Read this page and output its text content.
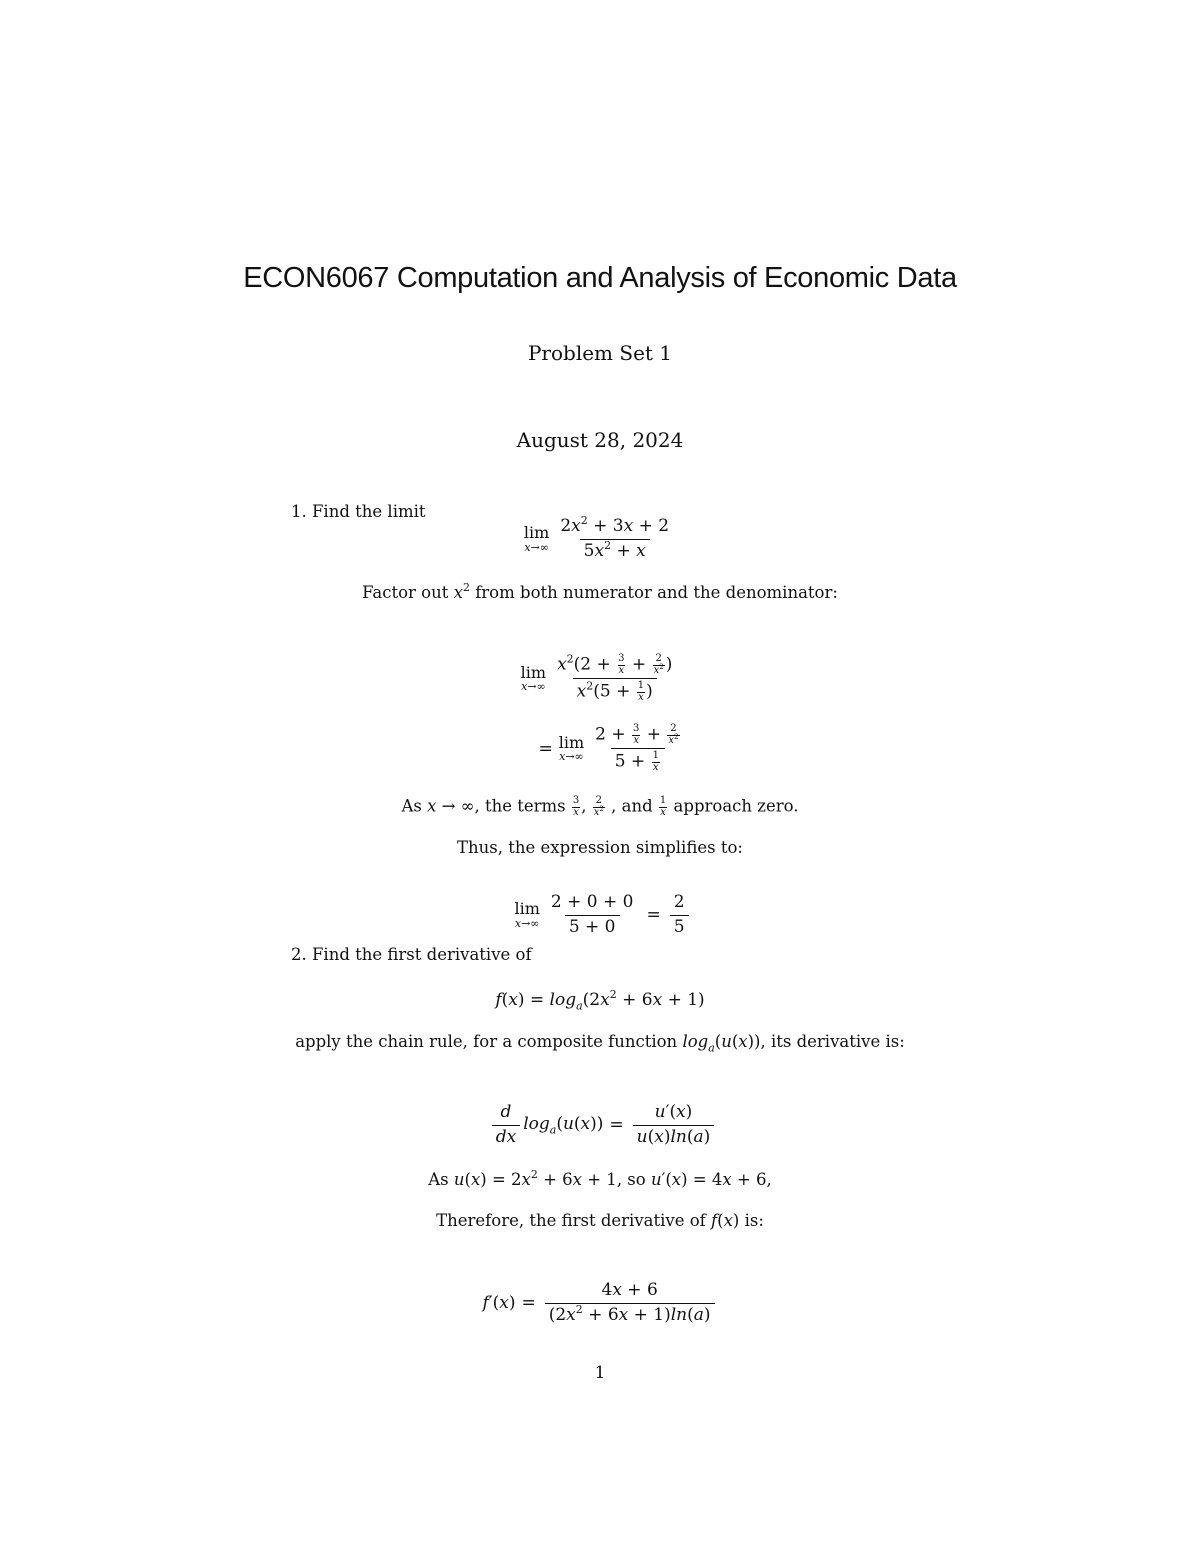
ECON6067 Computation and Analysis of Economic Data
Problem Set 1
August 28, 2024
1. Find the limit
lim
$x\to\infty \frac{2x^2 + 3x + 2}{5x^2 + x}$
Factor out $x^2$ from both numerator and the denominator:
lim
$x\to\infty \frac{x^2(2 + \frac{3}{x} + \frac{2}{x^2} )}{x^2(5 + \frac{1}{x} )}$
= lim
$x\to\infty \frac{2 + \frac{3}{x} + \frac{2}{x^2}}{5 + \frac{1}{x}}$
As x → ∞, the terms $\frac{3}{x}$ , $\frac{2}{x^2}$ , and $\frac{1}{x}$ approach zero.
Thus, the expression simplifies to:
lim
$x\to\infty \frac{2 + 0 + 0}{5 + 0} = \frac{2}{5}$
2. Find the first derivative of
$f(x) = \log_a(2x^2 + 6x + 1)$
apply the chain rule, for a composite function $\log_a(u(x))$, its derivative is:
$\frac{d}{dx} \log_a(u(x)) = \frac{u'(x)}{u(x)\ln(a)}$
As $u(x) = 2x^2 + 6x + 1$, so u′(x) = 4x + 6,
Therefore, the first derivative of f(x) is:
$f'(x) = \frac{4x + 6}{(2x^2 + 6x + 1)\ln(a)}$
1
